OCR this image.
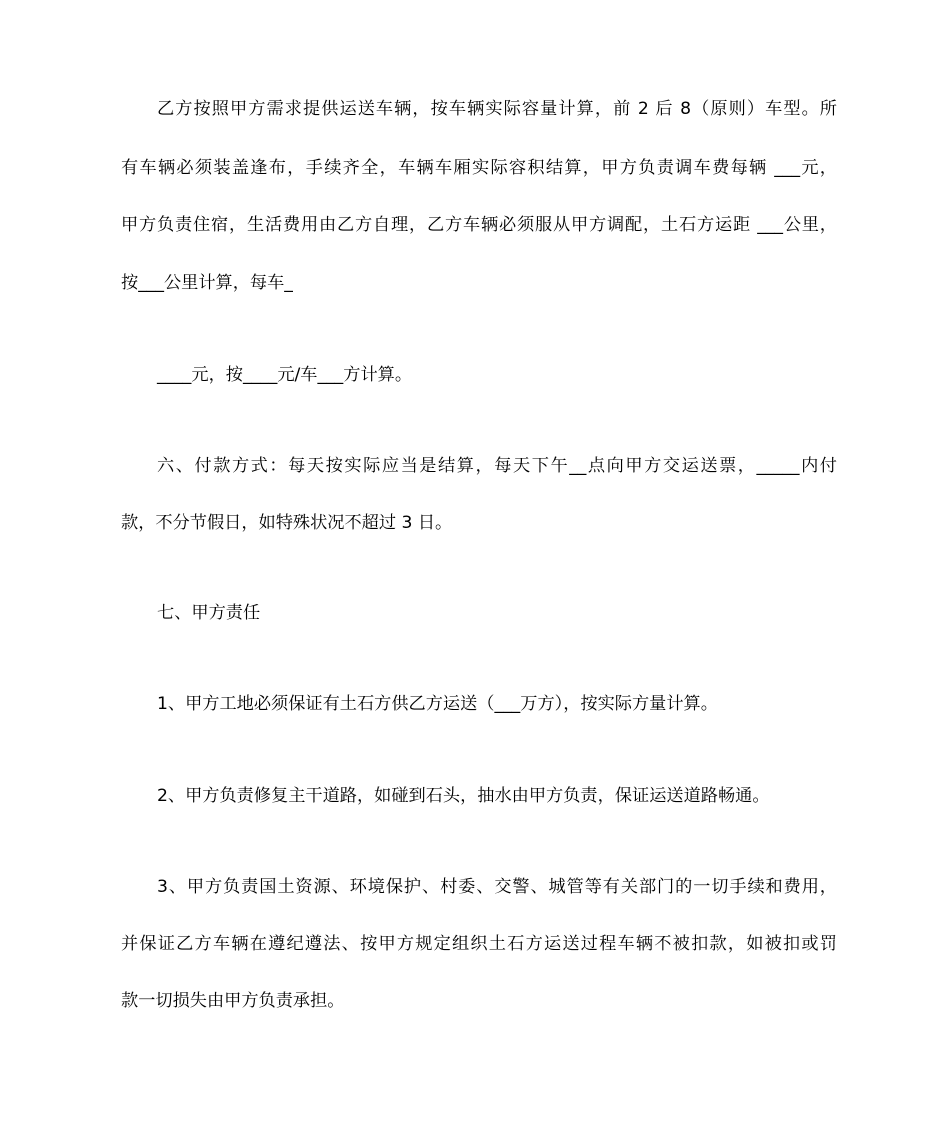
乙方按照甲方需求提供运送车辆，按车辆实际容量计算，前 2 后 8（原则）车型。所
有车辆必须装盖逢布，手续齐全，车辆车厢实际容积结算，甲方负责调车费每辆 ___元，
甲方负责住宿，生活费用由乙方自理，乙方车辆必须服从甲方调配，土石方运距 ___公里，
按___公里计算，每车_
____元，按____元/车___方计算。
六、付款方式：每天按实际应当是结算，每天下午__点向甲方交运送票，_____内付
款，不分节假日，如特殊状况不超过 3 日。
七、甲方责任
1、甲方工地必须保证有土石方供乙方运送（___万方），按实际方量计算。
2、甲方负责修复主干道路，如碰到石头，抽水由甲方负责，保证运送道路畅通。
3、甲方负责国土资源、环境保护、村委、交警、城管等有关部门的一切手续和费用，
并保证乙方车辆在遵纪遵法、按甲方规定组织土石方运送过程车辆不被扣款，如被扣或罚
款一切损失由甲方负责承担。
